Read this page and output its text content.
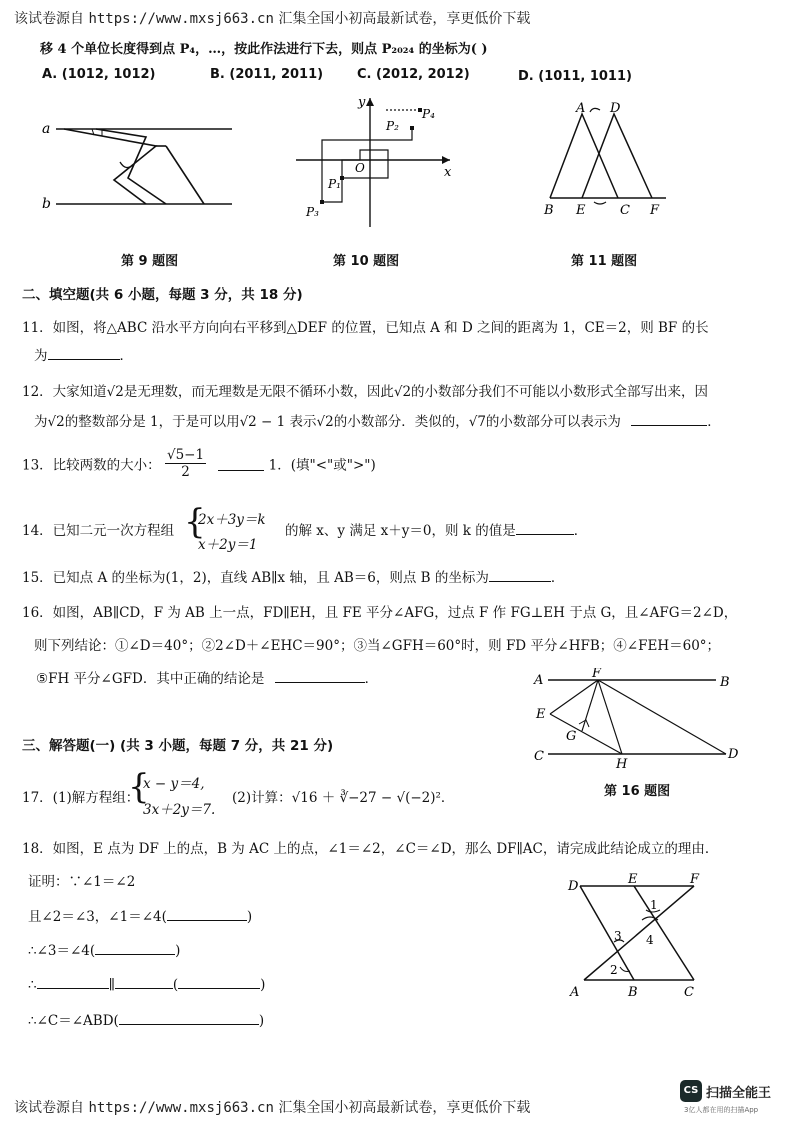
该试卷源自 https://www.mxsj663.cn 汇集全国小初高最新试卷，享更低价下载
移 4 个单位长度得到点 P₄，…，按此作法进行下去，则点 P₂₀₂₄ 的坐标为( )
A. (1012, 1012)	B. (2011, 2011)	C. (2012, 2012)	D. (1011, 1011)
a
b
第 9 题图
y
x
O
P₁
P₂
P₃
P₄
第 10 题图
A D
B E	C F
第 11 题图
二、填空题(共 6 小题，每题 3 分，共 18 分)
11．如图，将△ABC 沿水平方向向右平移到△DEF 的位置，已知点 A 和 D 之间的距离为 1，CE＝2，则 BF 的长
为	．
12．大家知道√2是无理数，而无理数是无限不循环小数，因此√2的小数部分我们不可能以小数形式全部写出来，因
为√2的整数部分是 1，于是可以用√2 − 1 表示√2的小数部分．类似的，√7的小数部分可以表示为	．
13．比较两数的大小： $\frac{√5-1}{2}$	1．(填"<"或">")
14．已知二元一次方程组 {
2x＋3y＝k
x＋2y＝1
的解 x、y 满足 x＋y＝0，则 k 的值是	．
15．已知点 A 的坐标为(1，2)，直线 AB∥x 轴，且 AB＝6，则点 B 的坐标为	．
16．如图，AB∥CD，F 为 AB 上一点，FD∥EH，且 FE 平分∠AFG，过点 F 作 FG⊥EH 于点 G，且∠AFG＝2∠D，
则下列结论：①∠D＝40°；②2∠D＋∠EHC＝90°；③当∠GFH＝60°时，则 FD 平分∠HFB；④∠FEH＝60°；
⑤FH 平分∠GFD．其中正确的结论是	．	A	F
B
E
G
C
H
D
第 16 题图
三、解答题(一) (共 3 小题，每题 7 分，共 21 分)
17．(1)解方程组：
{
x − y＝4,
3x＋2y＝7.
(2)计算：√16 ＋ ∛−27 − √(−2)²．
18．如图，E 点为 DF 上的点，B 为 AC 上的点，∠1＝∠2，∠C＝∠D，那么 DF∥AC，请完成此结论成立的理由．
证明：∵∠1＝∠2
且∠2＝∠3，∠1＝∠4(	)
∴∠3＝∠4(	)
∴	∥	(	)
∴∠C＝∠ABD(	)
D	E	F
1
3 4
2
A	B	C
该试卷源自 https://www.mxsj663.cn 汇集全国小初高最新试卷，享更低价下载
CS 扫描全能王
3亿人都在用的扫描App
